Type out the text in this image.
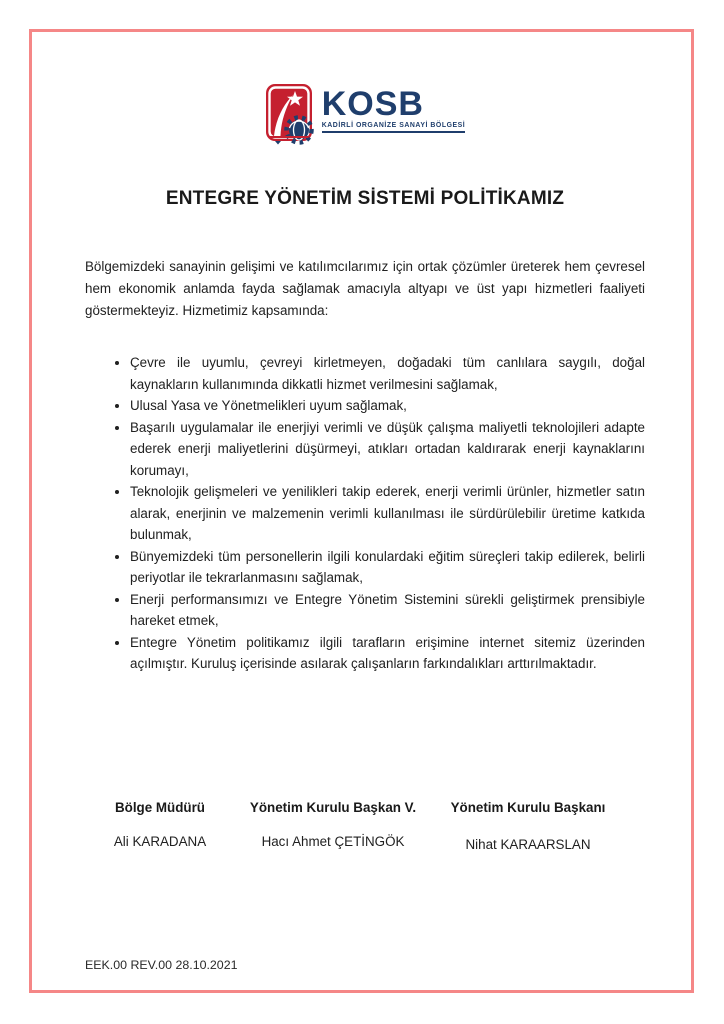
KOSB
KADİRLİ ORGANİZE SANAYİ BÖLGESİ
ENTEGRE YÖNETİM SİSTEMİ POLİTİKAMIZ

Bölgemizdeki sanayinin gelişimi ve katılımcılarımız için ortak çözümler üreterek hem çevresel hem ekonomik anlamda fayda sağlamak amacıyla altyapı ve üst yapı hizmetleri faaliyeti göstermekteyiz. Hizmetimiz kapsamında:

• Çevre ile uyumlu, çevreyi kirletmeyen, doğadaki tüm canlılara saygılı, doğal kaynakların kullanımında dikkatli hizmet verilmesini sağlamak,
• Ulusal Yasa ve Yönetmelikleri uyum sağlamak,
• Başarılı uygulamalar ile enerjiyi verimli ve düşük çalışma maliyetli teknolojileri adapte ederek enerji maliyetlerini düşürmeyi, atıkları ortadan kaldırarak enerji kaynaklarını korumayı,
• Teknolojik gelişmeleri ve yenilikleri takip ederek, enerji verimli ürünler, hizmetler satın alarak, enerjinin ve malzemenin verimli kullanılması ile sürdürülebilir üretime katkıda bulunmak,
• Bünyemizdeki tüm personellerin ilgili konulardaki eğitim süreçleri takip edilerek, belirli periyotlar ile tekrarlanmasını sağlamak,
• Enerji performansımızı ve Entegre Yönetim Sistemini sürekli geliştirmek prensibiyle hareket etmek,
• Entegre Yönetim politikamız ilgili tarafların erişimine internet sitemiz üzerinden açılmıştır. Kuruluş içerisinde asılarak çalışanların farkındalıkları arttırılmaktadır.
Bölge Müdürü
Ali KARADANA
Yönetim Kurulu Başkan V.
Hacı Ahmet ÇETİNGÖK
Yönetim Kurulu Başkanı
Nihat KARAARSLAN
EEK.00 REV.00 28.10.2021
